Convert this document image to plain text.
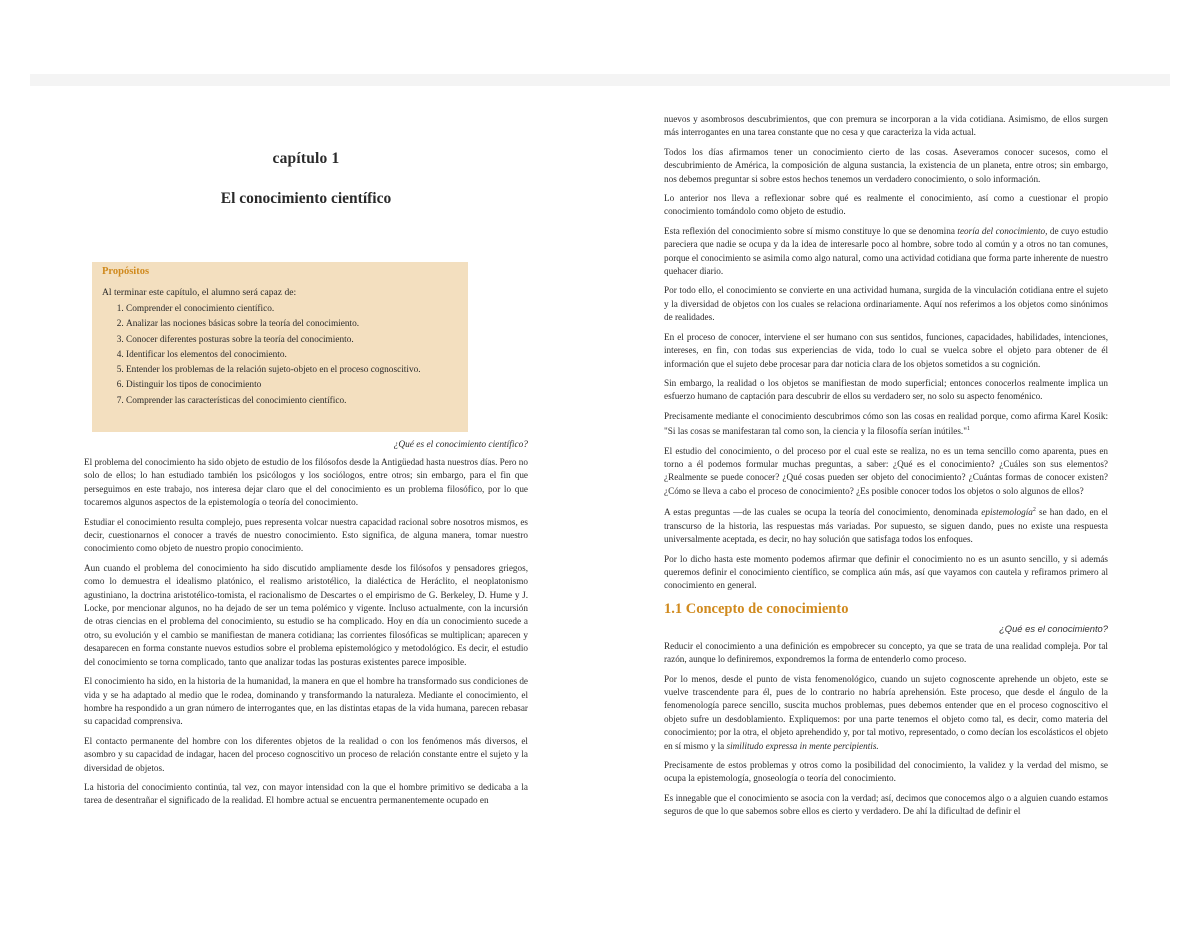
capítulo 1
El conocimiento científico
Propósitos
Al terminar este capítulo, el alumno será capaz de:
1. Comprender el conocimiento científico.
2. Analizar las nociones básicas sobre la teoría del conocimiento.
3. Conocer diferentes posturas sobre la teoría del conocimiento.
4. Identificar los elementos del conocimiento.
5. Entender los problemas de la relación sujeto-objeto en el proceso cognoscitivo.
6. Distinguir los tipos de conocimiento
7. Comprender las características del conocimiento científico.
¿Qué es el conocimiento científico?

El problema del conocimiento ha sido objeto de estudio de los filósofos desde la Antigüedad hasta nuestros días. Pero no solo de ellos; lo han estudiado también los psicólogos y los sociólogos, entre otros; sin embargo, para el fin que perseguimos en este trabajo, nos interesa dejar claro que el del conocimiento es un problema filosófico, por lo que tocaremos algunos aspectos de la epistemología o teoría del conocimiento.

Estudiar el conocimiento resulta complejo, pues representa volcar nuestra capacidad racional sobre nosotros mismos, es decir, cuestionarnos el conocer a través de nuestro conocimiento. Esto significa, de alguna manera, tomar nuestro conocimiento como objeto de nuestro propio conocimiento.

Aun cuando el problema del conocimiento ha sido discutido ampliamente desde los filósofos y pensadores griegos, como lo demuestra el idealismo platónico, el realismo aristotélico, la dialéctica de Heráclito, el neoplatonismo agustiniano, la doctrina aristotélico-tomista, el racionalismo de Descartes o el empirismo de G. Berkeley, D. Hume y J. Locke, por mencionar algunos, no ha dejado de ser un tema polémico y vigente. Incluso actualmente, con la incursión de otras ciencias en el problema del conocimiento, su estudio se ha complicado. Hoy en día un conocimiento sucede a otro, su evolución y el cambio se manifiestan de manera cotidiana; las corrientes filosóficas se multiplican; aparecen y desaparecen en forma constante nuevos estudios sobre el problema epistemológico y metodológico. Es decir, el estudio del conocimiento se torna complicado, tanto que analizar todas las posturas existentes parece imposible.

El conocimiento ha sido, en la historia de la humanidad, la manera en que el hombre ha transformado sus condiciones de vida y se ha adaptado al medio que le rodea, dominando y transformando la naturaleza. Mediante el conocimiento, el hombre ha respondido a un gran número de interrogantes que, en las distintas etapas de la vida humana, parecen rebasar su capacidad comprensiva.

El contacto permanente del hombre con los diferentes objetos de la realidad o con los fenómenos más diversos, el asombro y su capacidad de indagar, hacen del proceso cognoscitivo un proceso de relación constante entre el sujeto y la diversidad de objetos.

La historia del conocimiento continúa, tal vez, con mayor intensidad con la que el hombre primitivo se dedicaba a la tarea de desentrañar el significado de la realidad. El hombre actual se encuentra permanentemente ocupado en

nuevos y asombrosos descubrimientos, que con premura se incorporan a la vida cotidiana. Asimismo, de ellos surgen más interrogantes en una tarea constante que no cesa y que caracteriza la vida actual.

Todos los días afirmamos tener un conocimiento cierto de las cosas. Aseveramos conocer sucesos, como el descubrimiento de América, la composición de alguna sustancia, la existencia de un planeta, entre otros; sin embargo, nos debemos preguntar si sobre estos hechos tenemos un verdadero conocimiento, o solo información.

Lo anterior nos lleva a reflexionar sobre qué es realmente el conocimiento, así como a cuestionar el propio conocimiento tomándolo como objeto de estudio.

Esta reflexión del conocimiento sobre sí mismo constituye lo que se denomina teoría del conocimiento, de cuyo estudio pareciera que nadie se ocupa y da la idea de interesarle poco al hombre, sobre todo al común y a otros no tan comunes, porque el conocimiento se asimila como algo natural, como una actividad cotidiana que forma parte inherente de nuestro quehacer diario.

Por todo ello, el conocimiento se convierte en una actividad humana, surgida de la vinculación cotidiana entre el sujeto y la diversidad de objetos con los cuales se relaciona ordinariamente. Aquí nos referimos a los objetos como sinónimos de realidades.

En el proceso de conocer, interviene el ser humano con sus sentidos, funciones, capacidades, habilidades, intenciones, intereses, en fin, con todas sus experiencias de vida, todo lo cual se vuelca sobre el objeto para obtener de él información que el sujeto debe procesar para dar noticia clara de los objetos sometidos a su cognición.

Sin embargo, la realidad o los objetos se manifiestan de modo superficial; entonces conocerlos realmente implica un esfuerzo humano de captación para descubrir de ellos su verdadero ser, no solo su aspecto fenoménico.

Precisamente mediante el conocimiento descubrimos cómo son las cosas en realidad porque, como afirma Karel Kosik: "Si las cosas se manifestaran tal como son, la ciencia y la filosofía serían inútiles."$^1$

El estudio del conocimiento, o del proceso por el cual este se realiza, no es un tema sencillo como aparenta, pues en torno a él podemos formular muchas preguntas, a saber: ¿Qué es el conocimiento? ¿Cuáles son sus elementos? ¿Realmente se puede conocer? ¿Qué cosas pueden ser objeto del conocimiento? ¿Cuántas formas de conocer existen? ¿Cómo se lleva a cabo el proceso de conocimiento? ¿Es posible conocer todos los objetos o solo algunos de ellos?

A estas preguntas —de las cuales se ocupa la teoría del conocimiento, denominada epistemología$^2$ se han dado, en el transcurso de la historia, las respuestas más variadas. Por supuesto, se siguen dando, pues no existe una respuesta universalmente aceptada, es decir, no hay solución que satisfaga todos los enfoques.

Por lo dicho hasta este momento podemos afirmar que definir el conocimiento no es un asunto sencillo, y si además queremos definir el conocimiento científico, se complica aún más, así que vayamos con cautela y refiramos primero al conocimiento en general.

1.1 Concepto de conocimiento
¿Qué es el conocimiento?

Reducir el conocimiento a una definición es empobrecer su concepto, ya que se trata de una realidad compleja. Por tal razón, aunque lo definiremos, expondremos la forma de entenderlo como proceso.

Por lo menos, desde el punto de vista fenomenológico, cuando un sujeto cognoscente aprehende un objeto, este se vuelve trascendente para él, pues de lo contrario no habría aprehensión. Este proceso, que desde el ángulo de la fenomenología parece sencillo, suscita muchos problemas, pues debemos entender que en el proceso cognoscitivo el objeto sufre un desdoblamiento. Expliquemos: por una parte tenemos el objeto como tal, es decir, como materia del conocimiento; por la otra, el objeto aprehendido y, por tal motivo, representado, o como decían los escolásticos el objeto en sí mismo y la similitudo expressa in mente percipientis.

Precisamente de estos problemas y otros como la posibilidad del conocimiento, la validez y la verdad del mismo, se ocupa la epistemología, gnoseología o teoría del conocimiento.

Es innegable que el conocimiento se asocia con la verdad; así, decimos que conocemos algo o a alguien cuando estamos seguros de que lo que sabemos sobre ellos es cierto y verdadero. De ahí la dificultad de definir el
